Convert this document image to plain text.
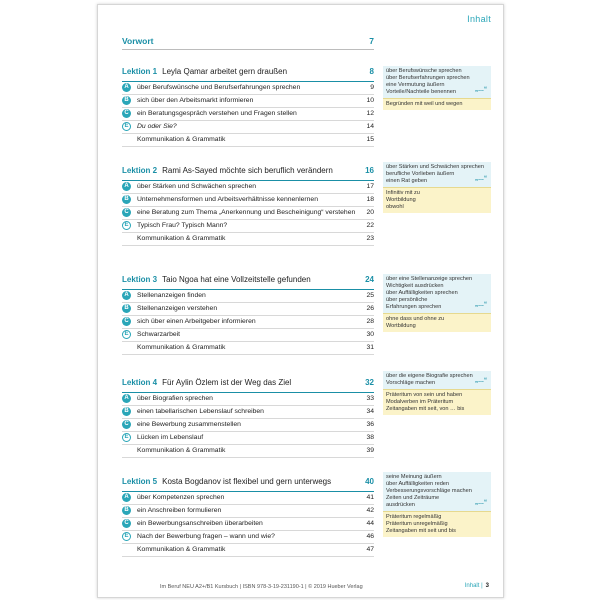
Inhalt
Vorwort	7
Im Beruf NEU A2+/B1 Kursbuch | ISBN 978-3-19-231190-1 | © 2019 Hueber Verlag	Inhalt | 3
Lektion 1 Leyla Qamar arbeitet gern draußen	8
A	über Berufswünsche und Berufserfahrungen sprechen	9
B	sich über den Arbeitsmarkt informieren	10
C	ein Beratungsgespräch verstehen und Fragen stellen	12
E	Du oder Sie?	14
Kommunikation & Grammatik	15
über Berufswünsche sprechen
über Berufserfahrungen sprechen
eine Vermutung äußern
Vorteile/Nachteile benennen	„…“
Begründen mit weil und wegen
Lektion 2 Rami As-Sayed möchte sich beruflich verändern	16
A	über Stärken und Schwächen sprechen	17
B	Unternehmensformen und Arbeitsverhältnisse kennenlernen	18
C	eine Beratung zum Thema „Anerkennung und Bescheinigung“ verstehen 20
E	Typisch Frau? Typisch Mann?	22
Kommunikation & Grammatik	23
über Stärken und Schwächen sprechen
berufliche Vorlieben äußern
einen Rat geben	„…“
Infinitiv mit zu
Wortbildung
obwohl
Lektion 3 Taio Ngoa hat eine Vollzeitstelle gefunden	24
A	Stellenanzeigen finden	25
B	Stellenanzeigen verstehen	26
C	sich über einen Arbeitgeber informieren	28
E	Schwarzarbeit	30
Kommunikation & Grammatik	31
über eine Stellenanzeige sprechen
Wichtigkeit ausdrücken
über Auffälligkeiten sprechen
über persönliche
Erfahrungen sprechen	„…“
ohne dass und ohne zu
Wortbildung
Lektion 4 Für Aylin Özlem ist der Weg das Ziel	32
A	über Biografien sprechen	33
B	einen tabellarischen Lebenslauf schreiben	34
C	eine Bewerbung zusammenstellen	36
E	Lücken im Lebenslauf	38
Kommunikation & Grammatik	39
über die eigene Biografie sprechen
Vorschläge machen	„…“
Präteritum von sein und haben
Modalverben im Präteritum
Zeitangaben mit seit, von … bis
Lektion 5 Kosta Bogdanov ist flexibel und gern unterwegs	40
A	über Kompetenzen sprechen	41
B	ein Anschreiben formulieren	42
C	ein Bewerbungsanschreiben überarbeiten	44
E	Nach der Bewerbung fragen – wann und wie?	46
Kommunikation & Grammatik	47
seine Meinung äußern
über Auffälligkeiten reden
Verbesserungsvorschläge machen
Zeiten und Zeiträume
ausdrücken	„…“
Präteritum regelmäßig
Präteritum unregelmäßig
Zeitangaben mit seit und bis
